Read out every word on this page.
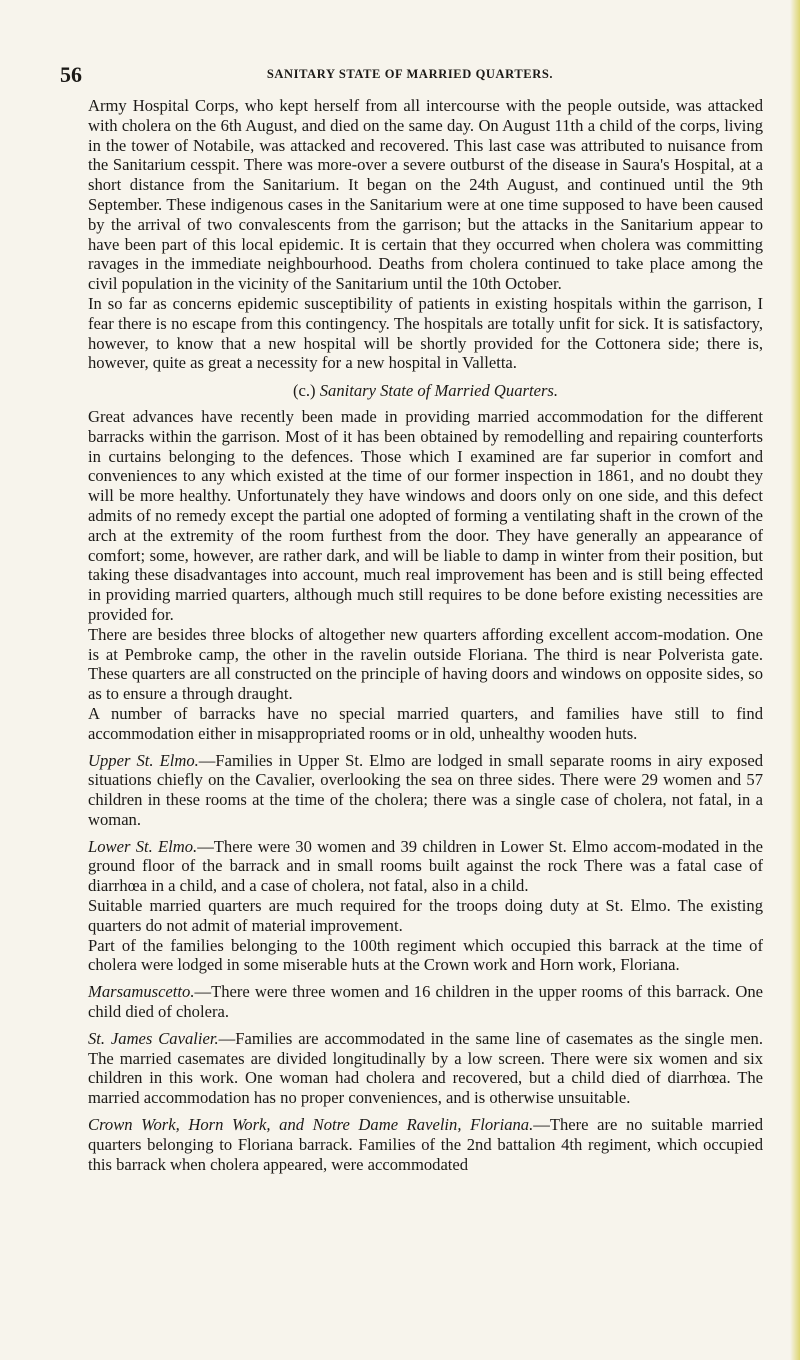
56	SANITARY STATE OF MARRIED QUARTERS.

Army Hospital Corps, who kept herself from all intercourse with the people outside, was attacked with cholera on the 6th August, and died on the same day. On August 11th a child of the corps, living in the tower of Notabile, was attacked and recovered. This last case was attributed to nuisance from the Sanitarium cesspit. There was more-over a severe outburst of the disease in Saura's Hospital, at a short distance from the Sanitarium. It began on the 24th August, and continued until the 9th September. These indigenous cases in the Sanitarium were at one time supposed to have been caused by the arrival of two convalescents from the garrison; but the attacks in the Sanitarium appear to have been part of this local epidemic. It is certain that they occurred when cholera was committing ravages in the immediate neighbourhood. Deaths from cholera continued to take place among the civil population in the vicinity of the Sanitarium until the 10th October.

In so far as concerns epidemic susceptibility of patients in existing hospitals within the garrison, I fear there is no escape from this contingency. The hospitals are totally unfit for sick. It is satisfactory, however, to know that a new hospital will be shortly provided for the Cottonera side; there is, however, quite as great a necessity for a new hospital in Valletta.

(c.) Sanitary State of Married Quarters.

Great advances have recently been made in providing married accommodation for the different barracks within the garrison. Most of it has been obtained by remodelling and repairing counterforts in curtains belonging to the defences. Those which I examined are far superior in comfort and conveniences to any which existed at the time of our former inspection in 1861, and no doubt they will be more healthy. Unfortunately they have windows and doors only on one side, and this defect admits of no remedy except the partial one adopted of forming a ventilating shaft in the crown of the arch at the extremity of the room furthest from the door. They have generally an appearance of comfort; some, however, are rather dark, and will be liable to damp in winter from their position, but taking these disadvantages into account, much real improvement has been and is still being effected in providing married quarters, although much still requires to be done before existing necessities are provided for.

There are besides three blocks of altogether new quarters affording excellent accom-modation. One is at Pembroke camp, the other in the ravelin outside Floriana. The third is near Polverista gate. These quarters are all constructed on the principle of having doors and windows on opposite sides, so as to ensure a through draught.

A number of barracks have no special married quarters, and families have still to find accommodation either in misappropriated rooms or in old, unhealthy wooden huts.

Upper St. Elmo.—Families in Upper St. Elmo are lodged in small separate rooms in airy exposed situations chiefly on the Cavalier, overlooking the sea on three sides. There were 29 women and 57 children in these rooms at the time of the cholera; there was a single case of cholera, not fatal, in a woman.

Lower St. Elmo.—There were 30 women and 39 children in Lower St. Elmo accom-modated in the ground floor of the barrack and in small rooms built against the rock There was a fatal case of diarrhœa in a child, and a case of cholera, not fatal, also in a child.

Suitable married quarters are much required for the troops doing duty at St. Elmo. The existing quarters do not admit of material improvement.

Part of the families belonging to the 100th regiment which occupied this barrack at the time of cholera were lodged in some miserable huts at the Crown work and Horn work, Floriana.

Marsamuscetto.—There were three women and 16 children in the upper rooms of this barrack. One child died of cholera.

St. James Cavalier.—Families are accommodated in the same line of casemates as the single men. The married casemates are divided longitudinally by a low screen. There were six women and six children in this work. One woman had cholera and recovered, but a child died of diarrhœa. The married accommodation has no proper conveniences, and is otherwise unsuitable.

Crown Work, Horn Work, and Notre Dame Ravelin, Floriana.—There are no suitable married quarters belonging to Floriana barrack. Families of the 2nd battalion 4th regiment, which occupied this barrack when cholera appeared, were accommodated
